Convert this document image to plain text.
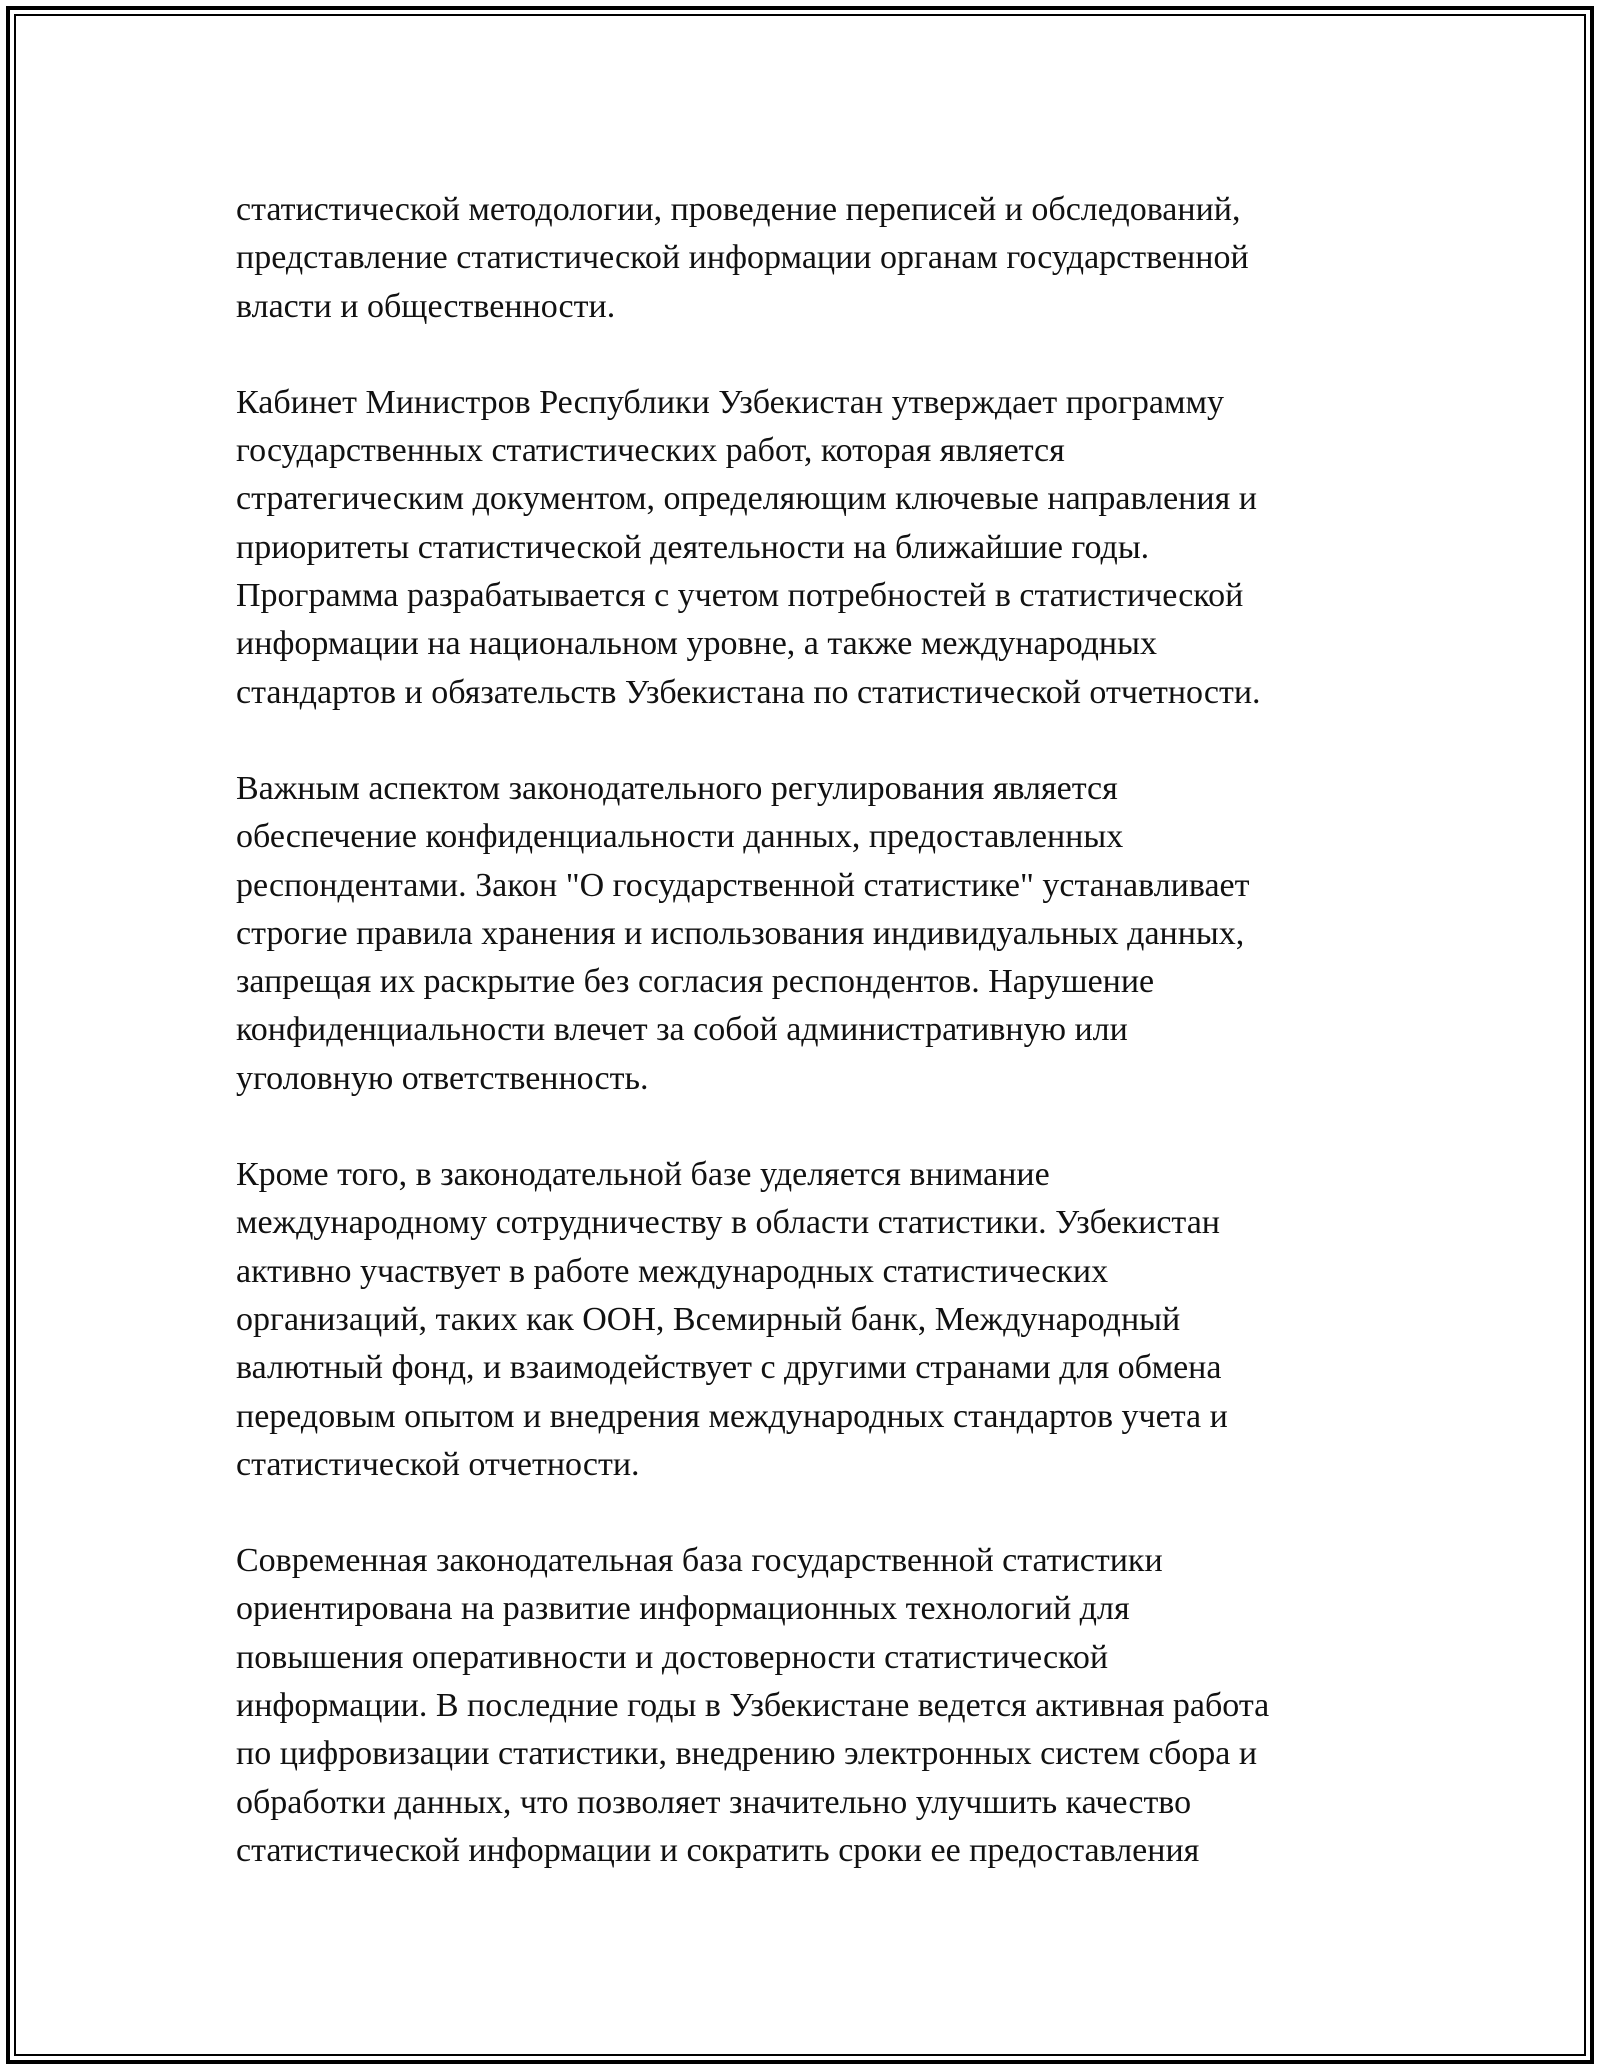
статистической методологии, проведение переписей и обследований,
представление статистической информации органам государственной
власти и общественности.

Кабинет Министров Республики Узбекистан утверждает программу
государственных статистических работ, которая является
стратегическим документом, определяющим ключевые направления и
приоритеты статистической деятельности на ближайшие годы.
Программа разрабатывается с учетом потребностей в статистической
информации на национальном уровне, а также международных
стандартов и обязательств Узбекистана по статистической отчетности.

Важным аспектом законодательного регулирования является
обеспечение конфиденциальности данных, предоставленных
респондентами. Закон "О государственной статистике" устанавливает
строгие правила хранения и использования индивидуальных данных,
запрещая их раскрытие без согласия респондентов. Нарушение
конфиденциальности влечет за собой административную или
уголовную ответственность.

Кроме того, в законодательной базе уделяется внимание
международному сотрудничеству в области статистики. Узбекистан
активно участвует в работе международных статистических
организаций, таких как ООН, Всемирный банк, Международный
валютный фонд, и взаимодействует с другими странами для обмена
передовым опытом и внедрения международных стандартов учета и
статистической отчетности.

Современная законодательная база государственной статистики
ориентирована на развитие информационных технологий для
повышения оперативности и достоверности статистической
информации. В последние годы в Узбекистане ведется активная работа
по цифровизации статистики, внедрению электронных систем сбора и
обработки данных, что позволяет значительно улучшить качество
статистической информации и сократить сроки ее предоставления
